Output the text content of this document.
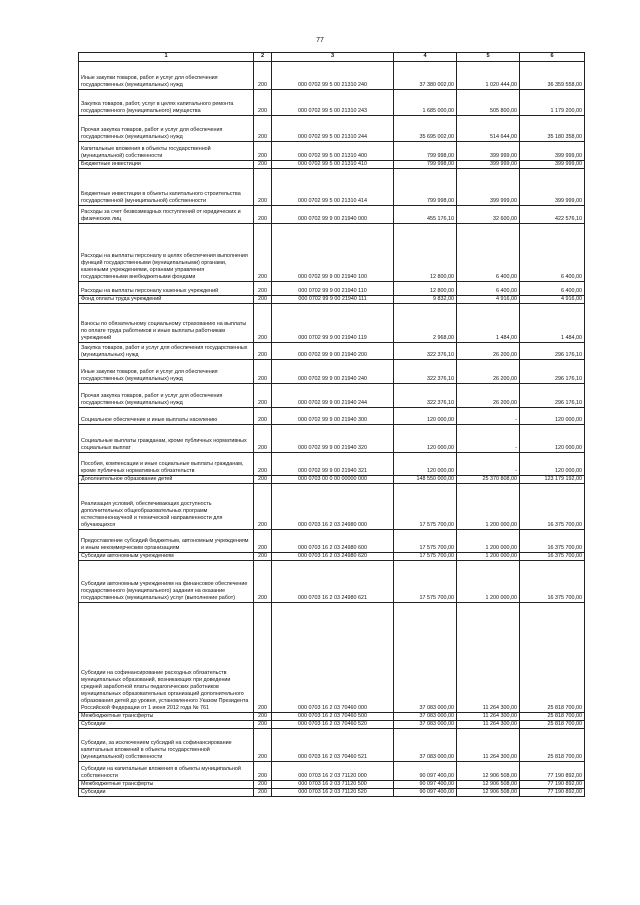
77
1	2	3	4	5	6
Иные закупки товаров, работ и услуг для обеспечения государственных (муниципальных) нужд	200	000 0702 99 5 00 21310 240	37 380 002,00	1 020 444,00	36 359 558,00
Закупка товаров, работ, услуг в целях капитального ремонта государственного (муниципального) имущества	200	000 0702 99 5 00 21310 243	1 685 000,00	505 800,00	1 179 200,00
Прочая закупка товаров, работ и услуг для обеспечения государственных (муниципальных) нужд	200	000 0702 99 5 00 21310 244	35 695 002,00	514 644,00	35 180 358,00
Капитальные вложения в объекты государственной (муниципальной) собственности	200	000 0702 99 5 00 21310 400	799 998,00	399 999,00	399 999,00
Бюджетные инвестиции	200	000 0702 99 5 00 21310 410	799 998,00	399 999,00	399 999,00
Бюджетные инвестиции в объекты капитального строительства государственной (муниципальной) собственности	200	000 0702 99 5 00 21310 414	799 998,00	399 999,00	399 999,00
Расходы за счет безвозмездных поступлений от юридических и физических лиц	200	000 0702 99 9 00 21940 000	455 176,10	32 600,00	422 576,10
Расходы на выплаты персоналу в целях обеспечения выполнения функций государственными (муниципальными) органами, казенными учреждениями, органами управления государственными внебюджетными фондами	200	000 0702 99 9 00 21940 100	12 800,00	6 400,00	6 400,00
Расходы на выплаты персоналу казенных учреждений	200	000 0702 99 9 00 21940 110	12 800,00	6 400,00	6 400,00
Фонд оплаты труда учреждений	200	000 0702 99 9 00 21940 111	9 832,00	4 916,00	4 916,00
Взносы по обязательному социальному страхованию на выплаты по оплате труда работников и иные выплаты работникам учреждений	200	000 0702 99 9 00 21940 119	2 968,00	1 484,00	1 484,00
Закупка товаров, работ и услуг для обеспечения государственных (муниципальных) нужд	200	000 0702 99 9 00 21940 200	322 376,10	26 200,00	296 176,10
Иные закупки товаров, работ и услуг для обеспечения государственных (муниципальных) нужд	200	000 0702 99 9 00 21940 240	322 376,10	26 200,00	296 176,10
Прочая закупка товаров, работ и услуг для обеспечения государственных (муниципальных) нужд	200	000 0702 99 9 00 21940 244	322 376,10	26 200,00	296 176,10
Социальное обеспечение и иные выплаты населению	200	000 0702 99 9 00 21940 300	120 000,00	-	120 000,00
Социальные выплаты гражданам, кроме публичных нормативных социальных выплат	200	000 0702 99 9 00 21940 320	120 000,00	-	120 000,00
Пособия, компенсации и иные социальные выплаты гражданам, кроме публичных нормативных обязательств	200	000 0702 99 9 00 21940 321	120 000,00	-	120 000,00
Дополнительное образование детей	200	000 0703 00 0 00 00000 000	148 550 000,00	25 370 808,00	123 179 192,00
Реализация условий, обеспечивающих доступность дополнительных общеобразовательных программ естественнонаучной и технической направленности для обучающихся	200	000 0703 16 2 03 24980 000	17 575 700,00	1 200 000,00	16 375 700,00
Предоставление субсидий бюджетным, автономным учреждениям и иным некоммерческим организациям	200	000 0703 16 2 03 24980 600	17 575 700,00	1 200 000,00	16 375 700,00
Субсидии автономным учреждениям	200	000 0703 16 2 03 24980 620	17 575 700,00	1 200 000,00	16 375 700,00
Субсидии автономным учреждениям на финансовое обеспечение государственного (муниципального) задания на оказание государственных (муниципальных) услуг (выполнение работ)	200	000 0703 16 2 03 24980 621	17 575 700,00	1 200 000,00	16 375 700,00
Субсидии на софинансирование расходных обязательств муниципальных образований, возникающих при доведении средней заработной платы педагогических работников муниципальных образовательных организаций дополнительного образования детей до уровня, установленного Указом Президента Российской Федерации от 1 июня 2012 года № 761	200	000 0703 16 2 03 70460 000	37 083 000,00	11 264 300,00	25 818 700,00
Межбюджетные трансферты	200	000 0703 16 2 03 70460 500	37 083 000,00	11 264 300,00	25 818 700,00
Субсидии	200	000 0703 16 2 03 70460 520	37 083 000,00	11 264 300,00	25 818 700,00
Субсидии, за исключением субсидий на софинансирование капитальных вложений в объекты государственной (муниципальной) собственности	200	000 0703 16 2 03 70460 521	37 083 000,00	11 264 300,00	25 818 700,00
Субсидии на капитальные вложения в объекты муниципальной собственности	200	000 0703 16 2 03 71120 000	90 097 400,00	12 906 508,00	77 190 892,00
Межбюджетные трансферты	200	000 0703 16 2 03 71120 500	90 097 400,00	12 906 508,00	77 190 892,00
Субсидии	200	000 0703 16 2 03 71120 520	90 097 400,00	12 906 508,00	77 190 892,00
